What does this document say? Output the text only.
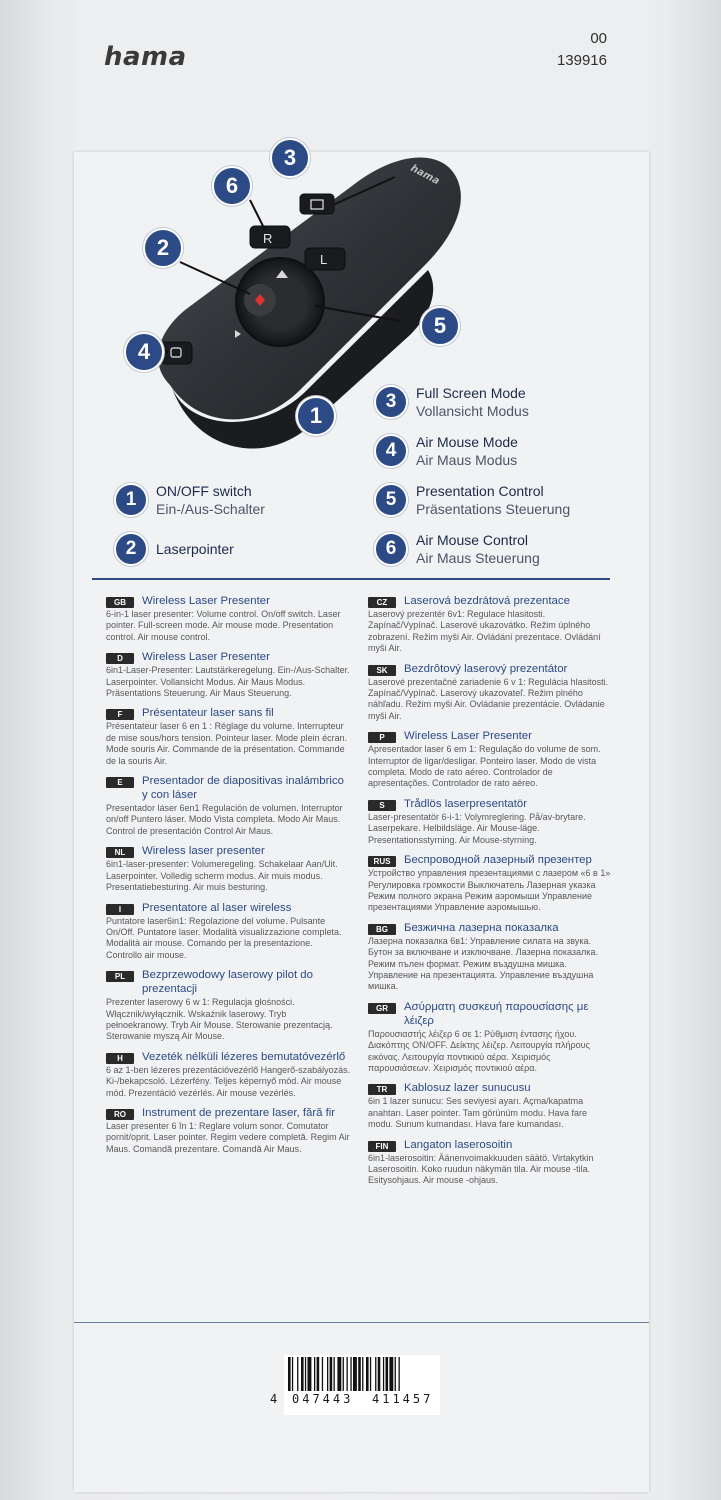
hama
00
139916
R
L
hama
3
6
2
4
5
1
1	ON/OFF switch
Ein-/Aus-Schalter
2	Laserpointer
3	Full Screen Mode
Vollansicht Modus
4	Air Mouse Mode
Air Maus Modus
5	Presentation Control
Präsentations Steuerung
6	Air Mouse Control
Air Maus Steuerung
GB	Wireless Laser Presenter
6-in-1 laser presenter: Volume control. On/off switch. Laser pointer. Full-screen mode. Air mouse mode. Presentation control. Air mouse control.
D	Wireless Laser Presenter
6in1-Laser-Presenter: Lautstärkeregelung. Ein-/Aus-Schalter. Laserpointer. Vollansicht Modus. Air Maus Modus. Präsentations Steuerung. Air Maus Steuerung.
F	Présentateur laser sans fil
Présentateur laser 6 en 1 : Réglage du volume. Interrupteur de mise sous/hors tension. Pointeur laser. Mode plein écran. Mode souris Air. Commande de la présentation. Commande de la souris Air.
E	Presentador de diapositivas inalámbrico y con láser
Presentador láser 6en1 Regulación de volumen. Interruptor on/off Puntero láser. Modo Vista completa. Modo Air Maus. Control de presentación Control Air Maus.
NL	Wireless laser presenter
6in1-laser-presenter: Volumeregeling. Schakelaar Aan/Uit. Laserpointer. Volledig scherm modus. Air muis modus. Presentatiebesturing. Air muis besturing.
I	Presentatore al laser wireless
Puntatore laser6in1: Regolazione del volume. Pulsante On/Off. Puntatore laser. Modalità visualizzazione completa. Modalità air mouse. Comando per la presentazione. Controllo air mouse.
PL	Bezprzewodowy laserowy pilot do prezentacji
Prezenter laserowy 6 w 1: Regulacja głośności. Włącznik/wyłącznik. Wskaźnik laserowy. Tryb pełnoekranowy. Tryb Air Mouse. Sterowanie prezentacją. Sterowanie myszą Air Mouse.
H	Vezeték nélküli lézeres bemutatóvezérlő
6 az 1-ben lézeres prezentációvezérlő Hangerő-szabályozás. Ki-/bekapcsoló. Lézerfény. Teljes képernyő mód. Air mouse mód. Prezentáció vezérlés. Air mouse vezérlés.
RO	Instrument de prezentare laser, fără fir
Laser presenter 6 în 1: Reglare volum sonor. Comutator pornit/oprit. Laser pointer. Regim vedere completă. Regim Air Maus. Comandă prezentare. Comandă Air Maus.
CZ	Laserová bezdrátová prezentace
Laserový prezentér 6v1: Regulace hlasitosti. Zapínač/Vypínač. Laserové ukazovátko. Režim úplného zobrazení. Režim myši Air. Ovládání prezentace. Ovládání myši Air.
SK	Bezdrôtový laserový prezentátor
Laserové prezentačné zariadenie 6 v 1: Regulácia hlasitosti. Zapínač/Vypínač. Laserový ukazovateľ. Režim plného náhľadu. Režim myši Air. Ovládanie prezentácie. Ovládanie myši Air.
P	Wireless Laser Presenter
Apresentador laser 6 em 1: Regulação do volume de som. Interruptor de ligar/desligar. Ponteiro laser. Modo de vista completa. Modo de rato aéreo. Controlador de apresentações. Controlador de rato aéreo.
S	Trådlös laserpresentatör
Laser-presentatör 6-i-1: Volymreglering. På/av-brytare. Laserpekare. Helbildsläge. Air Mouse-läge. Presentationsstyrning. Air Mouse-styrning.
RUS	Беспроводной лазерный презентер
Устройство управления презентациями с лазером «6 в 1» Регулировка громкости Выключатель Лазерная указка Режим полного экрана Режим аэромыши Управление презентациями Управление аэромышью.
BG	Безжична лазерна показалка
Лазерна показалка 6в1: Управление силата на звука. Бутон за включване и изключване. Лазерна показалка. Режим пълен формат. Режим въздушна мишка. Управление на презентацията. Управление въздушна мишка.
GR	Ασύρματη συσκευή παρουσίασης με λέιζερ
Παρουσιαστής λέιζερ 6 σε 1: Ρύθμιση έντασης ήχου. Διακόπτης ON/OFF. Δείκτης λέιζερ. Λειτουργία πλήρους εικόνας. Λειτουργία ποντικιού αέρα. Χειρισμός παρουσιάσεων. Χειρισμός ποντικιού αέρα.
TR	Kablosuz lazer sunucusu
6in 1 lazer sunucu: Ses seviyesi ayarı. Açma/kapatma anahtarı. Laser pointer. Tam görünüm modu. Hava fare modu. Sunum kumandası. Hava fare kumandası.
FIN	Langaton laserosoitin
6in1-laserosoitin: Äänenvoimakkuuden säätö. Virtakytkin Laserosoitin. Koko ruudun näkymän tila. Air mouse -tila. Esitysohjaus. Air mouse -ohjaus.
4 047443 411457
